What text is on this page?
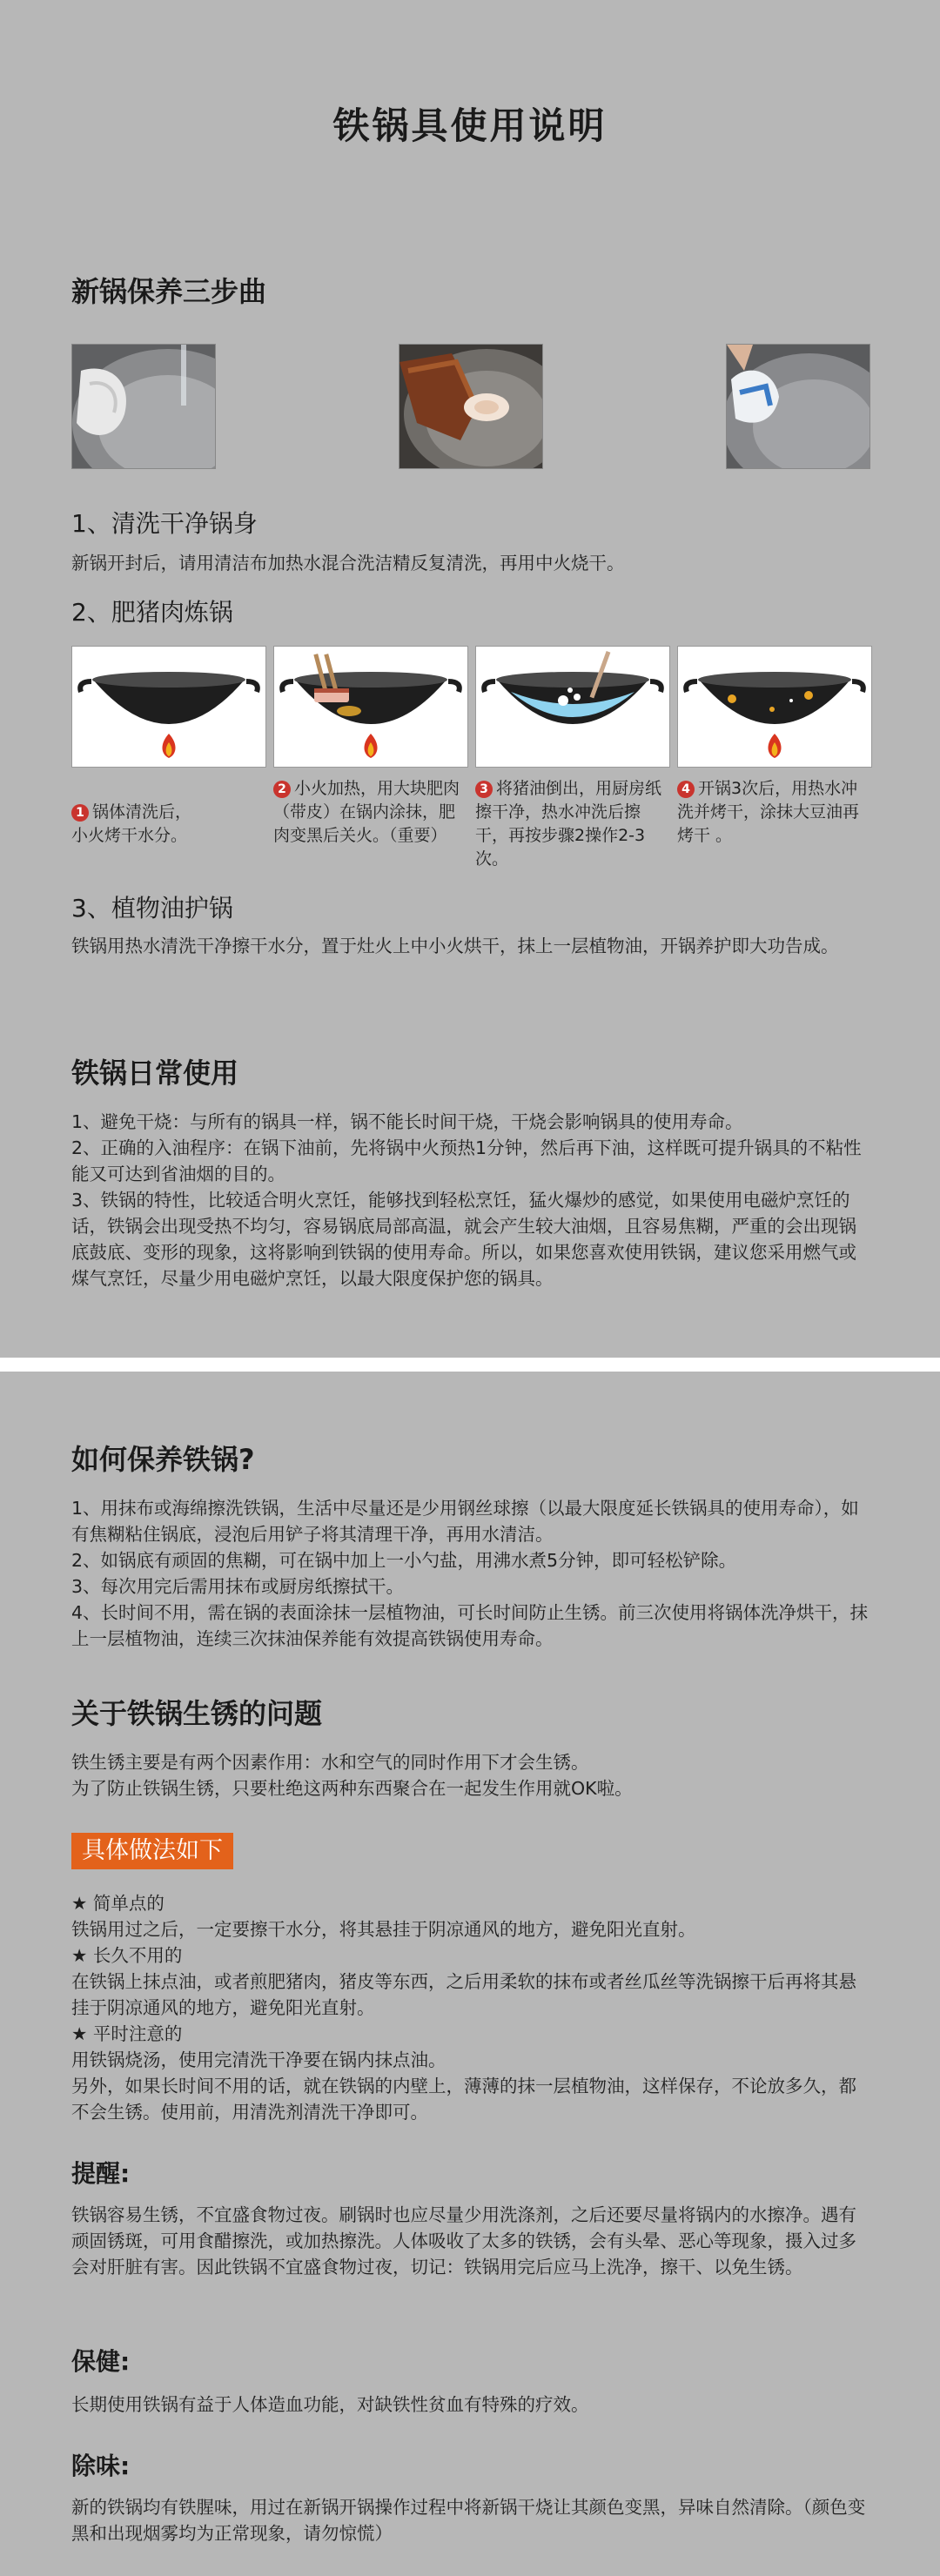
铁锅具使用说明
新锅保养三步曲
1、清洗干净锅身
新锅开封后，请用清洁布加热水混合洗洁精反复清洗，再用中火烧干。
2、肥猪肉炼锅

1 锅体清洗后，
小火烤干水分。

2 小火加热，用大块肥肉（带皮）在锅内涂抹，肥肉变黑后关火。（重要）
3 将猪油倒出，用厨房纸擦干净，热水冲洗后擦干，再按步骤2操作2-3次。
4 开锅3次后，用热水冲洗并烤干，涂抹大豆油再烤干 。
3、植物油护锅
铁锅用热水清洗干净擦干水分，置于灶火上中小火烘干，抹上一层植物油，开锅养护即大功告成。
铁锅日常使用
1、避免干烧：与所有的锅具一样，锅不能长时间干烧，干烧会影响锅具的使用寿命。
2、正确的入油程序：在锅下油前，先将锅中火预热1分钟，然后再下油，这样既可提升锅具的不粘性能又可达到省油烟的目的。
3、铁锅的特性，比较适合明火烹饪，能够找到轻松烹饪，猛火爆炒的感觉，如果使用电磁炉烹饪的话，铁锅会出现受热不均匀，容易锅底局部高温，就会产生较大油烟，且容易焦糊，严重的会出现锅底鼓底、变形的现象，这将影响到铁锅的使用寿命。所以，如果您喜欢使用铁锅，建议您采用燃气或煤气烹饪，尽量少用电磁炉烹饪，以最大限度保护您的锅具。
如何保养铁锅?
1、用抹布或海绵擦洗铁锅，生活中尽量还是少用钢丝球擦（以最大限度延长铁锅具的使用寿命），如有焦糊粘住锅底，浸泡后用铲子将其清理干净，再用水清洁。
2、如锅底有顽固的焦糊，可在锅中加上一小勺盐，用沸水煮5分钟，即可轻松铲除。
3、每次用完后需用抹布或厨房纸擦拭干。
4、长时间不用，需在锅的表面涂抹一层植物油，可长时间防止生锈。前三次使用将锅体洗净烘干，抹上一层植物油，连续三次抹油保养能有效提高铁锅使用寿命。
关于铁锅生锈的问题
铁生锈主要是有两个因素作用：水和空气的同时作用下才会生锈。
为了防止铁锅生锈，只要杜绝这两种东西聚合在一起发生作用就OK啦。
具体做法如下
★ 简单点的
铁锅用过之后，一定要擦干水分，将其悬挂于阴凉通风的地方，避免阳光直射。
★ 长久不用的
在铁锅上抹点油，或者煎肥猪肉，猪皮等东西，之后用柔软的抹布或者丝瓜丝等洗锅擦干后再将其悬挂于阴凉通风的地方，避免阳光直射。
★ 平时注意的
用铁锅烧汤，使用完清洗干净要在锅内抹点油。
另外，如果长时间不用的话，就在铁锅的内壁上，薄薄的抹一层植物油，这样保存，不论放多久，都不会生锈。使用前，用清洗剂清洗干净即可。
提醒:
铁锅容易生锈，不宜盛食物过夜。刷锅时也应尽量少用洗涤剂，之后还要尽量将锅内的水擦净。遇有顽固锈斑，可用食醋擦洗，或加热擦洗。人体吸收了太多的铁锈，会有头晕、恶心等现象，摄入过多会对肝脏有害。因此铁锅不宜盛食物过夜，切记：铁锅用完后应马上洗净，擦干、以免生锈。
保健:
长期使用铁锅有益于人体造血功能，对缺铁性贫血有特殊的疗效。
除味:
新的铁锅均有铁腥味，用过在新锅开锅操作过程中将新锅干烧让其颜色变黑，异味自然清除。（颜色变黑和出现烟雾均为正常现象，请勿惊慌）
